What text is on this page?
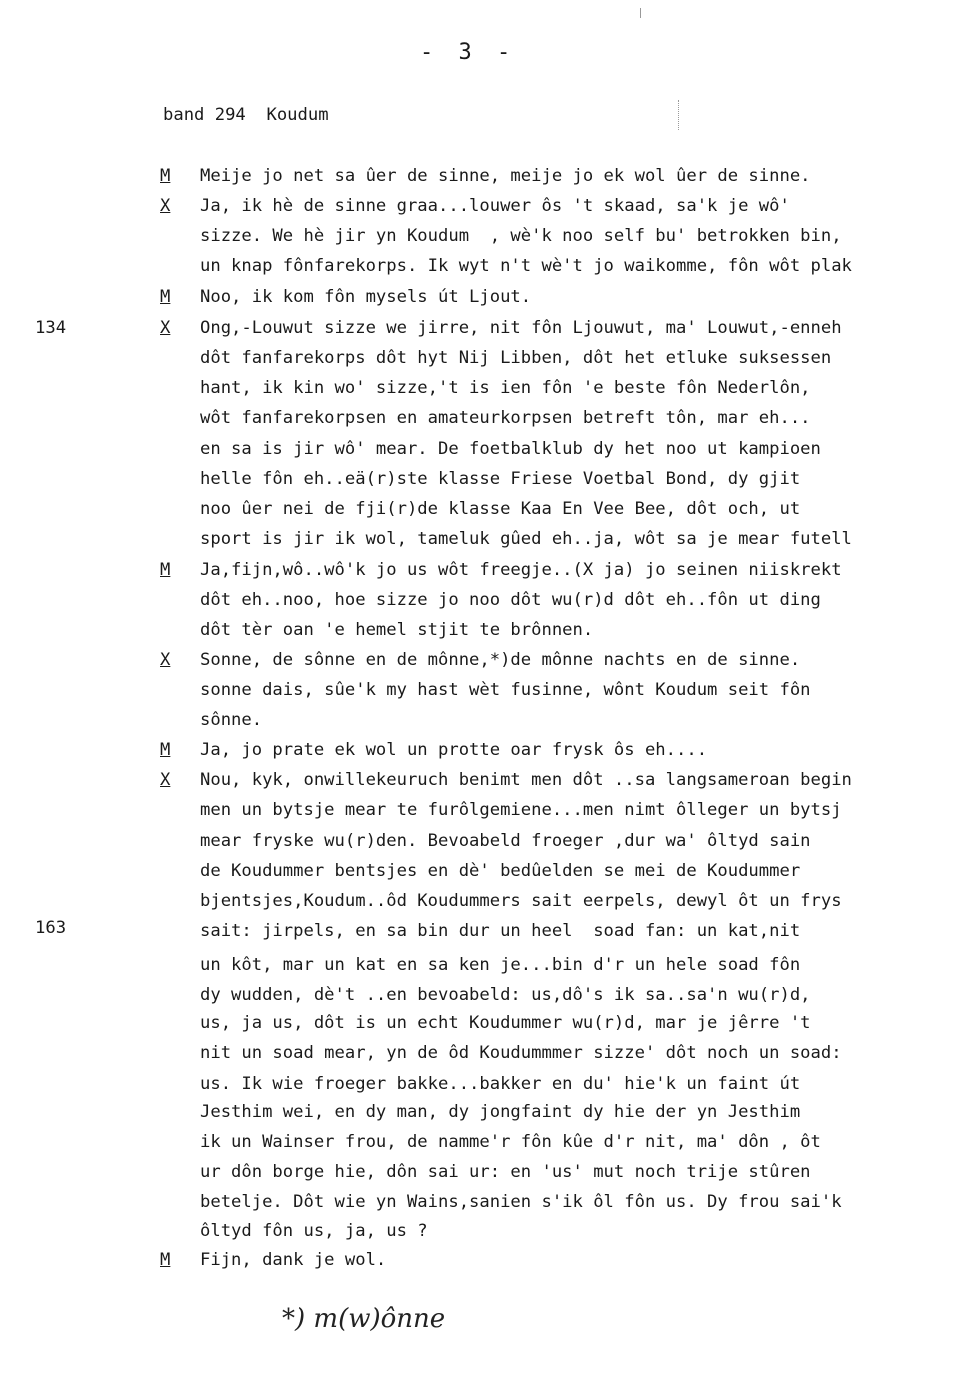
- 3 -
band 294  Koudum
134
163
M
X
M
X
M
X
M
X
M
Meije jo net sa ûer de sinne, meije jo ek wol ûer de sinne.
Ja, ik hè de sinne graa...louwer ôs 't skaad, sa'k je wô'
sizze. We hè jir yn Koudum  , wè'k noo self bu' betrokken bin,
un knap fônfarekorps. Ik wyt n't wè't jo waikomme, fôn wôt plak
Noo, ik kom fôn mysels út Ljout.
Ong,-Louwut sizze we jirre, nit fôn Ljouwut, ma' Louwut,-enneh
dôt fanfarekorps dôt hyt Nij Libben, dôt het etluke suksessen
hant, ik kin wo' sizze,'t is ien fôn 'e beste fôn Nederlôn,
wôt fanfarekorpsen en amateurkorpsen betreft tôn, mar eh...
en sa is jir wô' mear. De foetbalklub dy het noo ut kampioen
helle fôn eh..eä(r)ste klasse Friese Voetbal Bond, dy gjit
noo ûer nei de fji(r)de klasse Kaa En Vee Bee, dôt och, ut
sport is jir ik wol, tameluk gûed eh..ja, wôt sa je mear futell
Ja,fijn,wô..wô'k jo us wôt freegje..(X ja) jo seinen niiskrekt
dôt eh..noo, hoe sizze jo noo dôt wu(r)d dôt eh..fôn ut ding
dôt tèr oan 'e hemel stjit te brônnen.
Sonne, de sônne en de mônne,*)de mônne nachts en de sinne.
sonne dais, sûe'k my hast wèt fusinne, wônt Koudum seit fôn
sônne.
Ja, jo prate ek wol un protte oar frysk ôs eh....
Nou, kyk, onwillekeuruch benimt men dôt ..sa langsameroan begin
men un bytsje mear te furôlgemiene...men nimt ôlleger un bytsj
mear fryske wu(r)den. Bevoabeld froeger ,dur wa' ôltyd sain
de Koudummer bentsjes en dè' bedûelden se mei de Koudummer
bjentsjes,Koudum..ôd Koudummers sait eerpels, dewyl ôt un frys
sait: jirpels, en sa bin dur un heel  soad fan: un kat,nit
un kôt, mar un kat en sa ken je...bin d'r un hele soad fôn
dy wudden, dè't ..en bevoabeld: us,dô's ik sa..sa'n wu(r)d,
us, ja us, dôt is un echt Koudummer wu(r)d, mar je jêrre 't
nit un soad mear, yn de ôd Koudummmer sizze' dôt noch un soad:
us. Ik wie froeger bakke...bakker en du' hie'k un faint út
Jesthim wei, en dy man, dy jongfaint dy hie der yn Jesthim
ik un Wainser frou, de namme'r fôn kûe d'r nit, ma' dôn , ôt
ur dôn borge hie, dôn sai ur: en 'us' mut noch trije stûren
betelje. Dôt wie yn Wains,sanien s'ik ôl fôn us. Dy frou sai'k
ôltyd fôn us, ja, us ?
Fijn, dank je wol.
*) m(w)ônne
